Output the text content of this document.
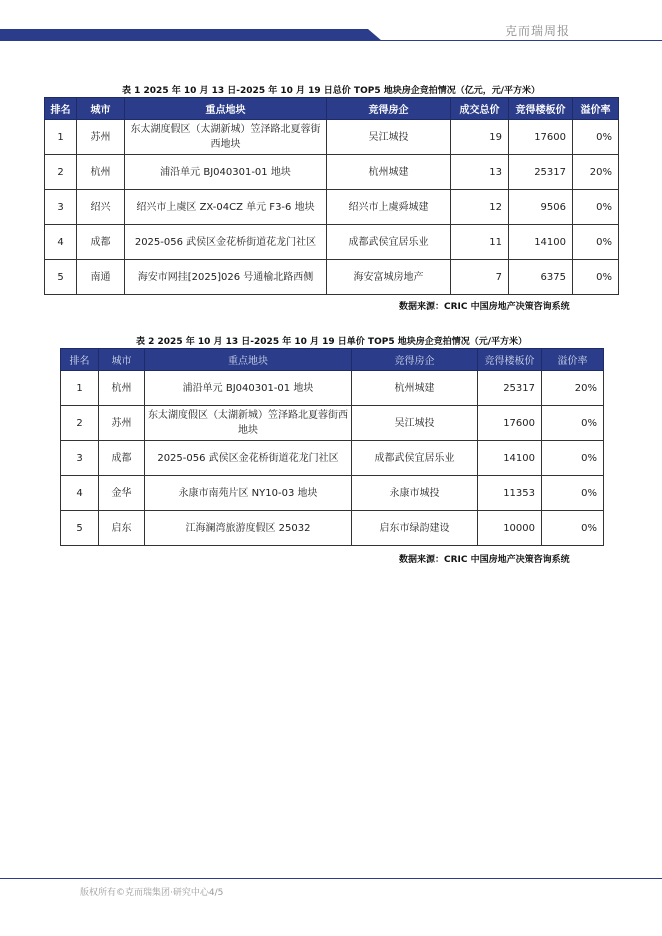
克而瑞周报
表 1 2025 年 10 月 13 日-2025 年 10 月 19 日总价 TOP5 地块房企竞拍情况（亿元，元/平方米）
排名	城市	重点地块	竞得房企	成交总价	竞得楼板价	溢价率
1	苏州	东太湖度假区（太湖新城）笠泽路北夏蓉街西地块	吴江城投	19	17600	0%
2	杭州	浦沿单元 BJ040301-01 地块	杭州城建	13	25317	20%
3	绍兴	绍兴市上虞区 ZX-04CZ 单元 F3-6 地块	绍兴市上虞舜城建	12	9506	0%
4	成都	2025-056 武侯区金花桥街道花龙门社区	成都武侯宜居乐业	11	14100	0%
5	南通	海安市网挂[2025]026 号通榆北路西侧	海安富城房地产	7	6375	0%
数据来源：CRIC 中国房地产决策咨询系统
表 2 2025 年 10 月 13 日-2025 年 10 月 19 日单价 TOP5 地块房企竞拍情况（元/平方米）
排名	城市	重点地块	竞得房企	竞得楼板价	溢价率
1	杭州	浦沿单元 BJ040301-01 地块	杭州城建	25317	20%
2	苏州	东太湖度假区（太湖新城）笠泽路北夏蓉街西地块	吴江城投	17600	0%
3	成都	2025-056 武侯区金花桥街道花龙门社区	成都武侯宜居乐业	14100	0%
4	金华	永康市南苑片区 NY10-03 地块	永康市城投	11353	0%
5	启东	江海澜湾旅游度假区 25032	启东市绿韵建设	10000	0%
数据来源：CRIC 中国房地产决策咨询系统
版权所有©克而瑞集团·研究中心4/5
